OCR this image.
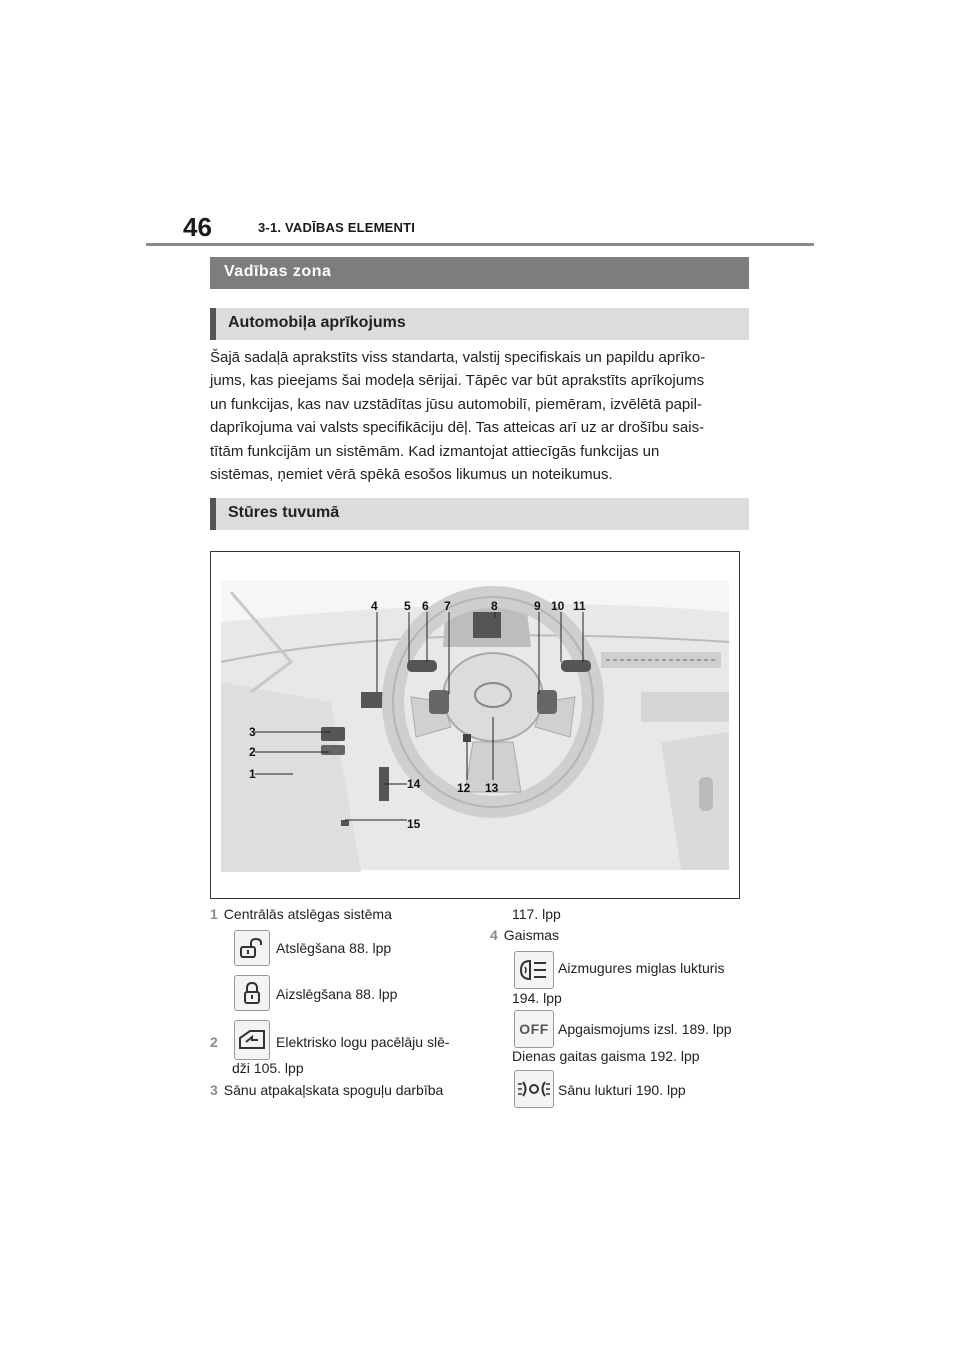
46	3-1. VADĪBAS ELEMENTI
Vadības zona
Automobiļa aprīkojums

Šajā sadaļā aprakstīts viss standarta, valstij specifiskais un papildu aprīko-

jums, kas pieejams šai modeļa sērijai. Tāpēc var būt aprakstīts aprīkojums

un funkcijas, kas nav uzstādītas jūsu automobilī, piemēram, izvēlētā papil-

daprīkojuma vai valsts specifikāciju dēļ. Tas atteicas arī uz ar drošību sais-

tītām funkcijām un sistēmām. Kad izmantojat attiecīgās funkcijas un

sistēmas, ņemiet vērā spēkā esošos likumus un noteikumus.

Stūres tuvumā
1
2
3
4 5 6 7	8	9 10 11
12 13
14
15
1 Centrālās atslēgas sistēma
Atslēgšana 88. lpp
Aizslēgšana 88. lpp
2	Elektrisko logu pacēlāju slē-
dži 105. lpp
3 Sānu atpakaļskata spoguļu darbība
117. lpp
4 Gaismas
Aizmugures miglas lukturis
194. lpp
OFF Apgaismojums izsl. 189. lpp
Dienas gaitas gaisma 192. lpp
Sānu lukturi 190. lpp
